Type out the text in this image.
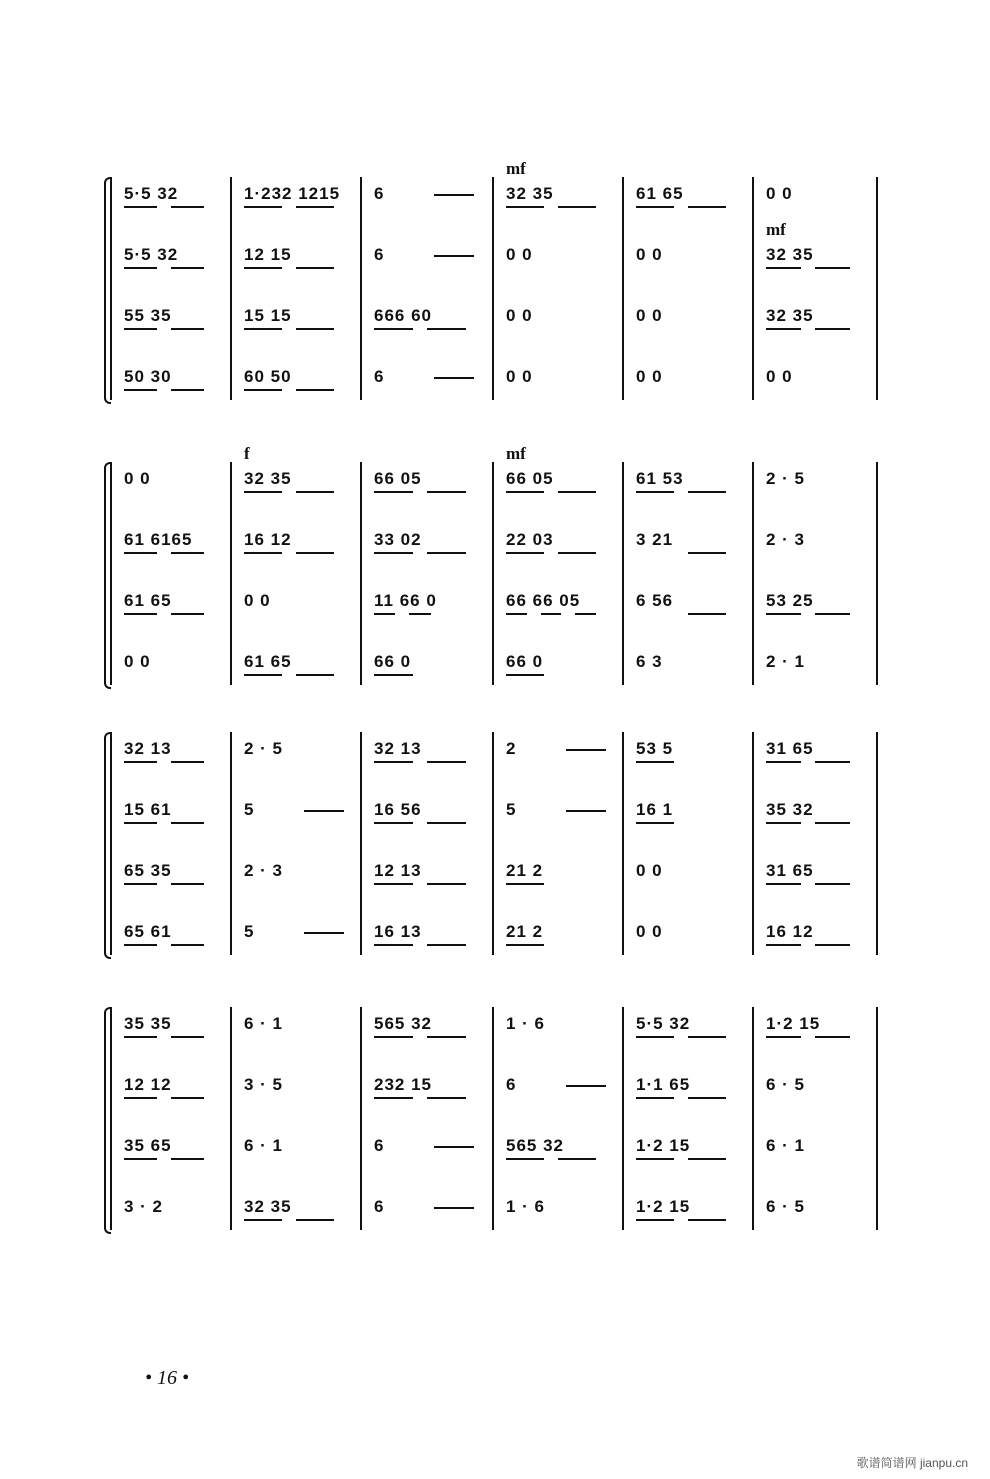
5·5 32	1·232 1215	6	32 35	61 65	0 0
5·5 32	12 15	6	0 0	0 0	32 35
55 35	15 15	666 60	0 0	0 0	32 35
50 30	60 50	6	0 0	0 0	0 0
mf
mf
0 0	32 35	66 05	66 05	61 53	2 · 5
61 6165	16 12	33 02	22 03	3 21	2 · 3
61 65	0 0	11 66 0	66 66 05	6 56	53 25
0 0	61 65	66 0	66 0	6 3	2 · 1
f	mf
32 13	2 · 5	32 13	2	53 5	31 65
15 61	5	16 56	5	16 1	35 32
65 35	2 · 3	12 13	21 2	0 0	31 65
65 61	5	16 13	21 2	0 0	16 12
35 35	6 · 1	565 32	1 · 6	5·5 32	1·2 15
12 12	3 · 5	232 15	6	1·1 65	6 · 5
35 65	6 · 1	6	565 32	1·2 15	6 · 1
3 · 2	32 35	6	1 · 6	1·2 15	6 · 5
• 16 •
歌谱简谱网 jianpu.cn
